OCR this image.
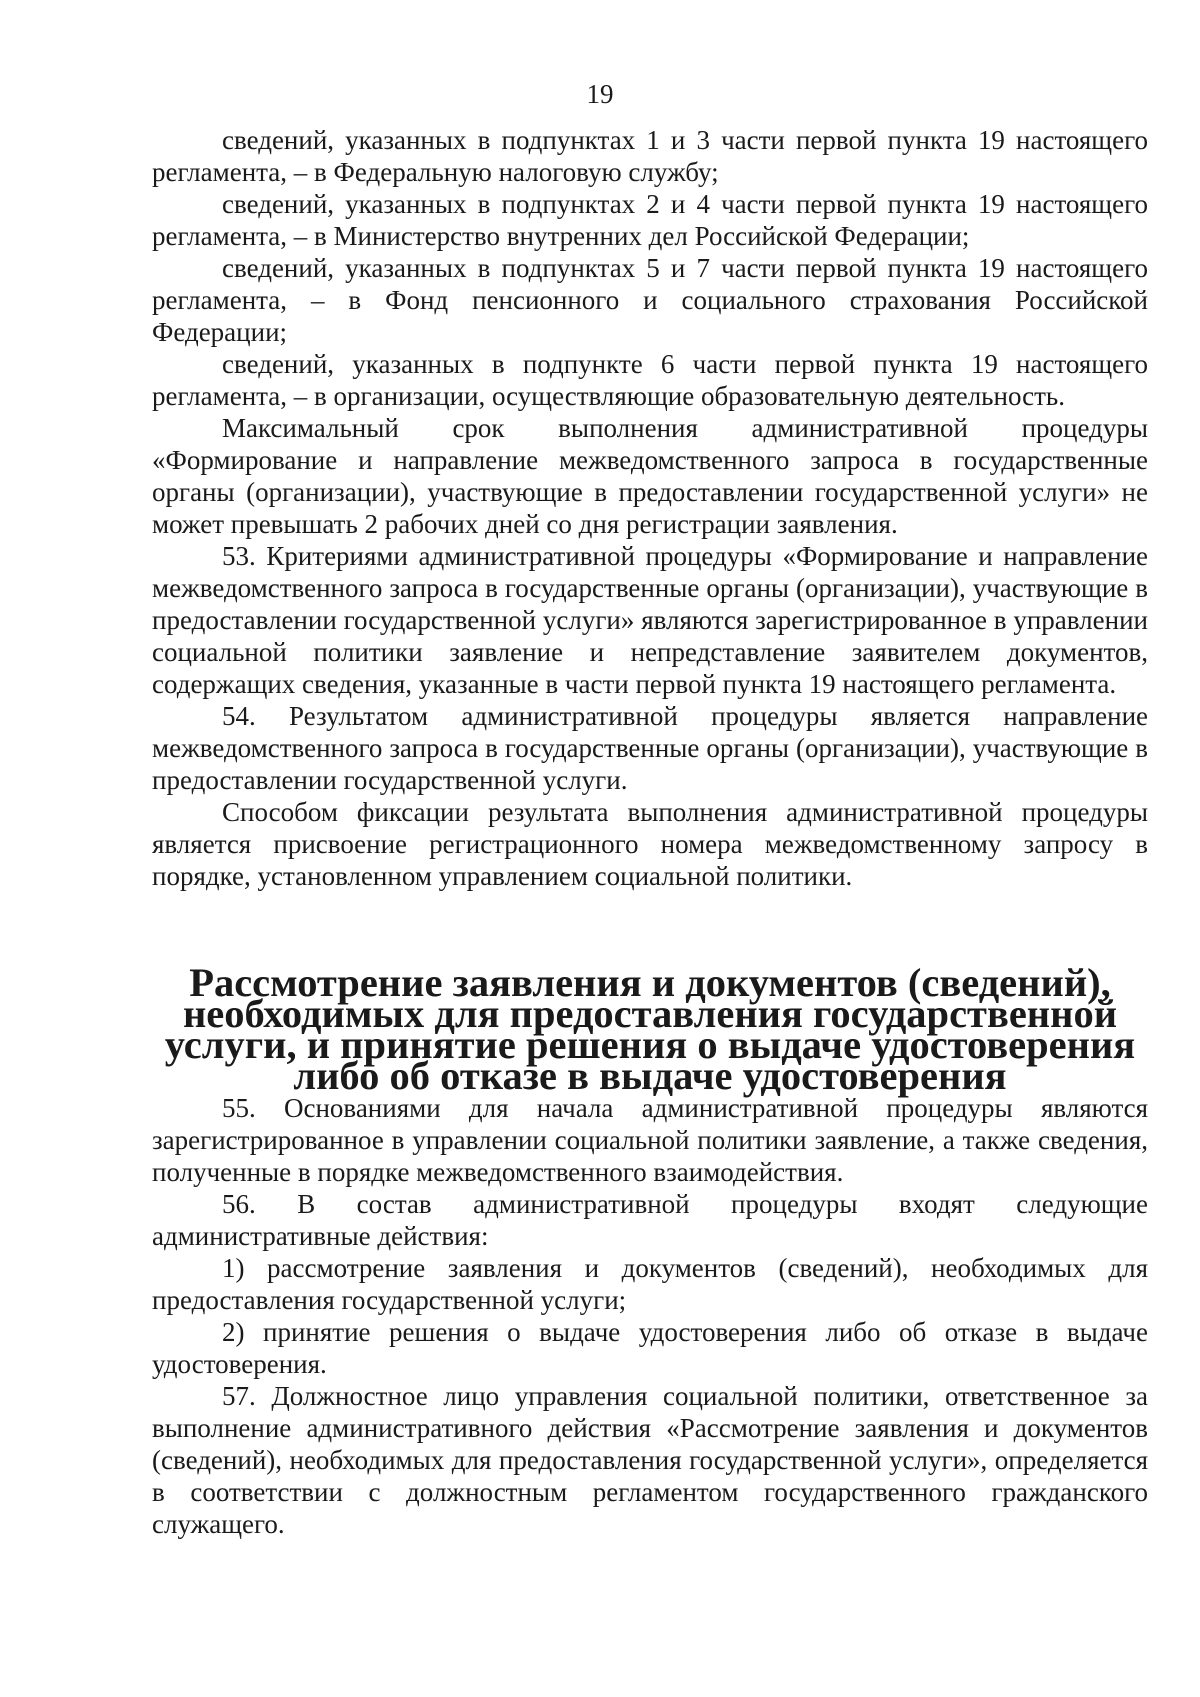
19

сведений, указанных в подпунктах 1 и 3 части первой пункта 19 настоящего регламента, – в Федеральную налоговую службу;

сведений, указанных в подпунктах 2 и 4 части первой пункта 19 настоящего регламента, – в Министерство внутренних дел Российской Федерации;

сведений, указанных в подпунктах 5 и 7 части первой пункта 19 настоящего регламента, – в Фонд пенсионного и социального страхования Российской Федерации;

сведений, указанных в подпункте 6 части первой пункта 19 настоящего регламента, – в организации, осуществляющие образовательную деятельность.

Максимальный срок выполнения административной процедуры «Формирование и направление межведомственного запроса в государственные органы (организации), участвующие в предоставлении государственной услуги» не может превышать 2 рабочих дней со дня регистрации заявления.

53. Критериями административной процедуры «Формирование и направление межведомственного запроса в государственные органы (организации), участвующие в предоставлении государственной услуги» являются зарегистрированное в управлении социальной политики заявление и непредставление заявителем документов, содержащих сведения, указанные в части первой пункта 19 настоящего регламента.

54. Результатом административной процедуры является направление межведомственного запроса в государственные органы (организации), участвующие в предоставлении государственной услуги.

Способом фиксации результата выполнения административной процедуры является присвоение регистрационного номера межведомственному запросу в порядке, установленном управлением социальной политики.

Рассмотрение заявления и документов (сведений), необходимых для предоставления государственной услуги, и принятие решения о выдаче удостоверения либо об отказе в выдаче удостоверения

55. Основаниями для начала административной процедуры являются зарегистрированное в управлении социальной политики заявление, а также сведения, полученные в порядке межведомственного взаимодействия.

56. В состав административной процедуры входят следующие административные действия:

1) рассмотрение заявления и документов (сведений), необходимых для предоставления государственной услуги;

2) принятие решения о выдаче удостоверения либо об отказе в выдаче удостоверения.

57. Должностное лицо управления социальной политики, ответственное за выполнение административного действия «Рассмотрение заявления и документов (сведений), необходимых для предоставления государственной услуги», определяется в соответствии с должностным регламентом государственного гражданского служащего.
